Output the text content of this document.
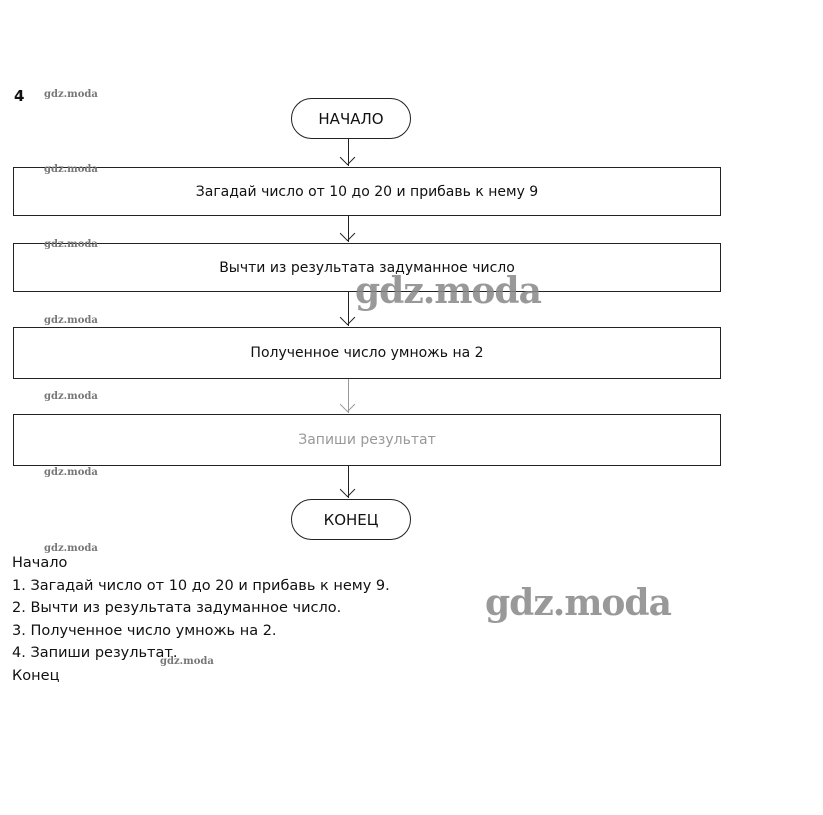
4
НАЧАЛО
Загадай число от 10 до 20 и прибавь к нему 9
Вычти из результата задуманное число
Полученное число умножь на 2
Запиши результат
КОНЕЦ
Начало
1. Загадай число от 10 до 20 и прибавь к нему 9.
2. Вычти из результата задуманное число.
3. Полученное число умножь на 2.
4. Запиши результат.
Конец
gdz.moda
gdz.moda
gdz.moda
gdz.moda
gdz.moda
gdz.moda
gdz.moda
gdz.moda
gdz.moda
gdz.moda
